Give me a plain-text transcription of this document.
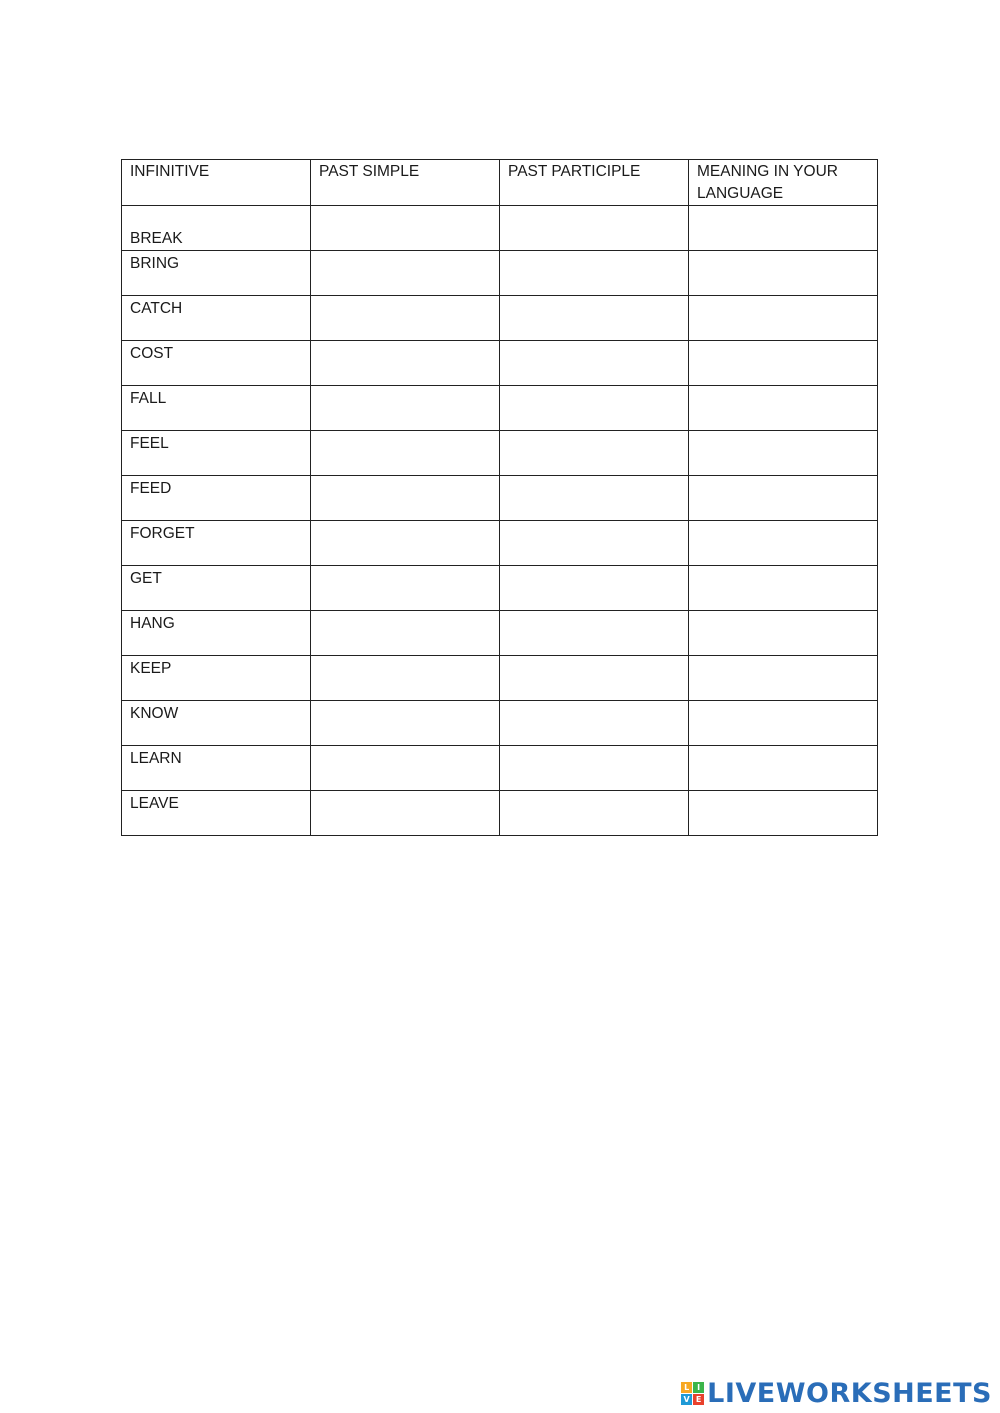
INFINITIVE	PAST SIMPLE	PAST PARTICIPLE	MEANING IN YOUR LANGUAGE
BREAK			
BRING			
CATCH			
COST			
FALL			
FEEL			
FEED			
FORGET			
GET			
HANG			
KEEP			
KNOW			
LEARN			
LEAVE			
L I
V E LIVEWORKSHEETS
